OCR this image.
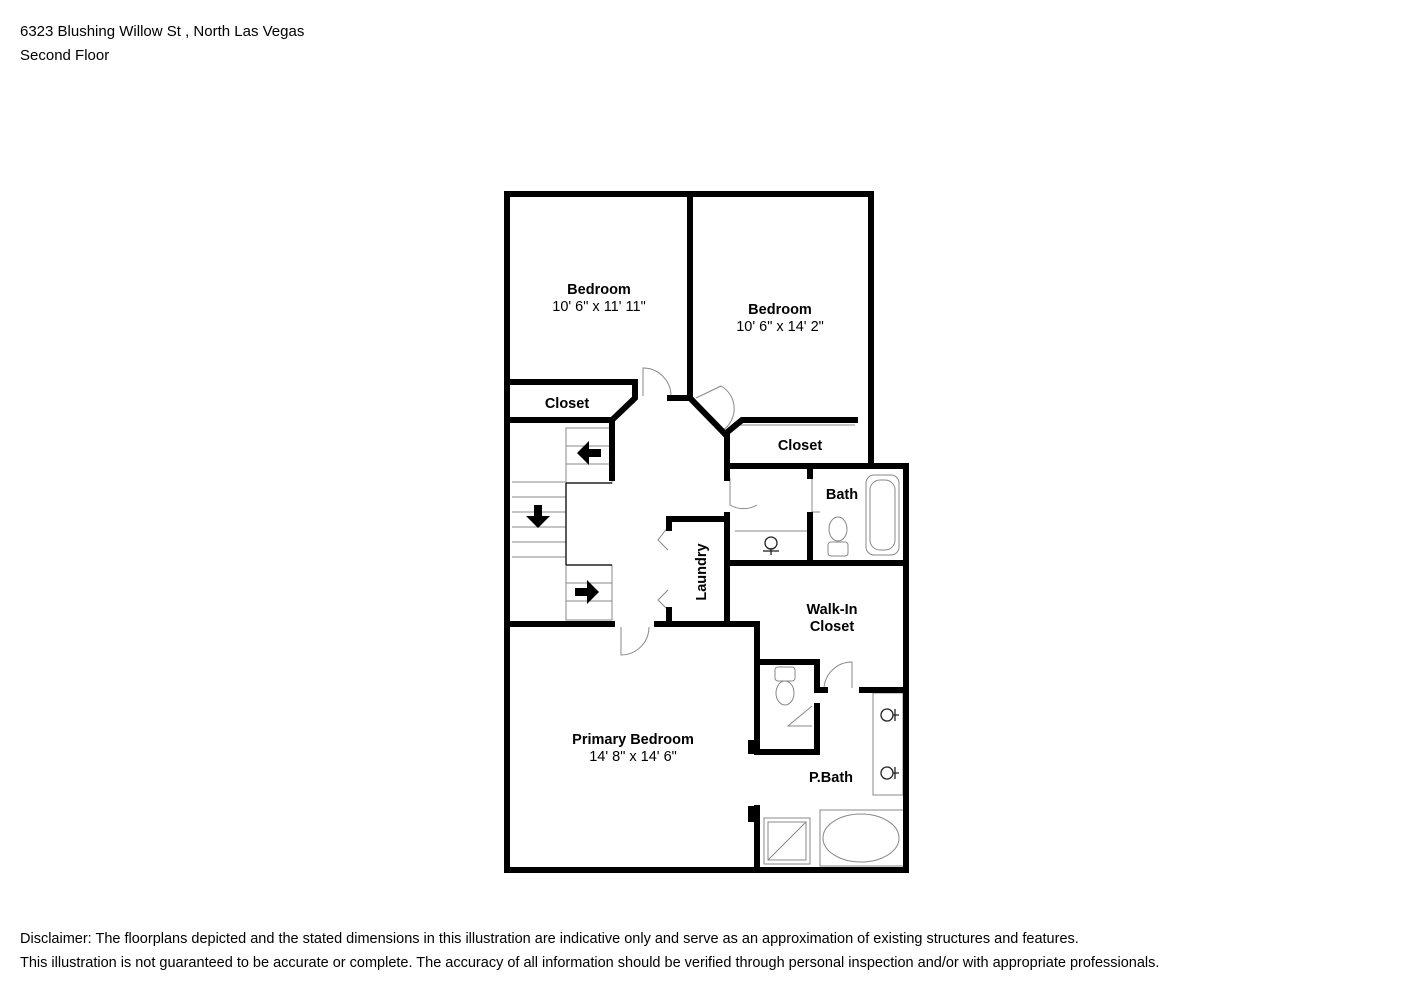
6323 Blushing Willow St , North Las Vegas
Second Floor
Bedroom
10' 6" x 11' 11"	Bedroom
10' 6" x 14' 2"
Closet
Closet
Bath
Laundry
Walk-In
Closet
Primary Bedroom
14' 8" x 14' 6"
P.Bath
Disclaimer: The floorplans depicted and the stated dimensions in this illustration are indicative only and serve as an approximation of existing structures and features.
This illustration is not guaranteed to be accurate or complete. The accuracy of all information should be verified through personal inspection and/or with appropriate professionals.
